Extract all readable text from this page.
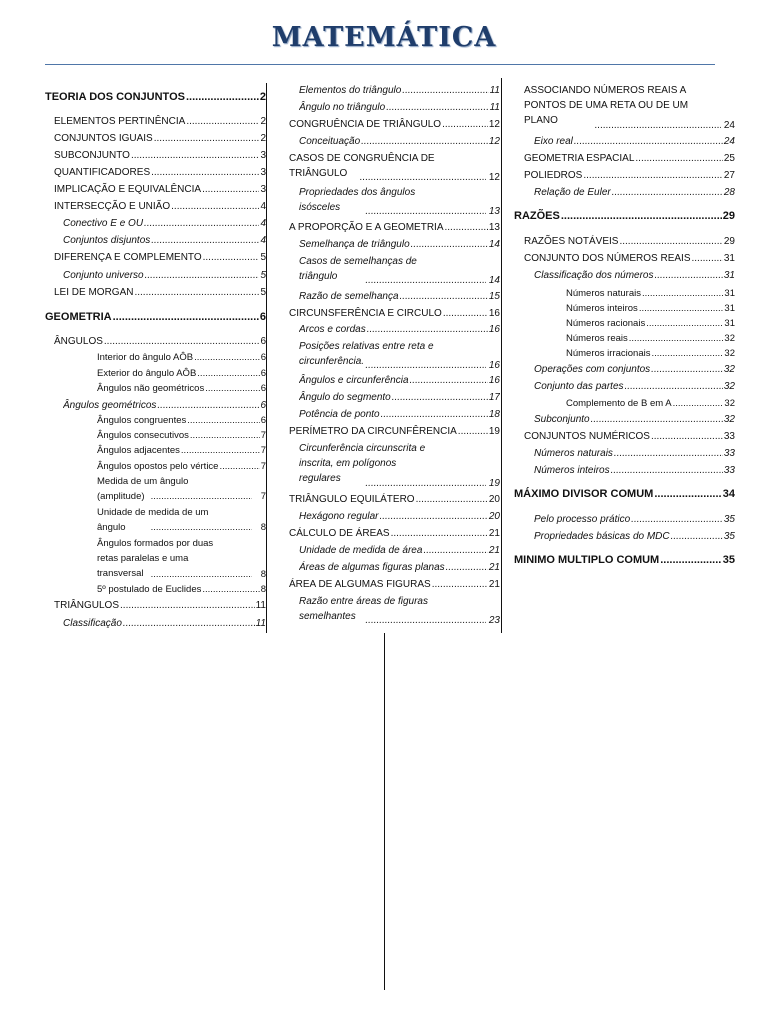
MATEMÁTICA
TEORIA DOS CONJUNTOS .....	2
ELEMENTOS PERTINÊNCIA .....	2
CONJUNTOS IGUAIS .....	2
SUBCONJUNTO .....	3
QUANTIFICADORES .....	3
IMPLICAÇÃO E EQUIVALÊNCIA .....	3
INTERSECÇÃO E UNIÃO .....	4
Conectivo E e OU .....	4
Conjuntos disjuntos .....	4
DIFERENÇA E COMPLEMENTO .....	5
Conjunto universo .....	5
LEI DE MORGAN .....	5
GEOMETRIA .....	6
ÂNGULOS .....	6
Interior do ângulo AÔB .....	6
Exterior do ângulo AÔB .....	6
Ângulos não geométricos .....	6
Ângulos geométricos .....	6
Ângulos congruentes .....	6
Ângulos consecutivos .....	7
Ângulos adjacentes .....	7
Ângulos opostos pelo vértice .....	7
Medida de um ângulo (amplitude) .....	7
Unidade de medida de um ângulo .....	8
Ângulos formados por duas retas paralelas e uma transversal .....	8
5º postulado de Euclides .....	8
TRIÂNGULOS .....	11
Classificação .....	11
Elementos do triângulo .....	11
Ângulo no triângulo .....	11
CONGRUÊNCIA DE TRIÂNGULO .....	12
Conceituação .....	12
CASOS DE CONGRUÊNCIA DE TRIÂNGULO .....	12
Propriedades dos ângulos isósceles .....	13
A PROPORÇÃO E A GEOMETRIA .....	13
Semelhança de triângulo .....	14
Casos de semelhanças de triângulo .....	14
Razão de semelhança .....	15
CIRCUNSFERÊNCIA E CIRCULO .....	16
Arcos e cordas .....	16
Posições relativas entre reta e circunferência. .....	16
Ângulos e circunferência .....	16
Ângulo do segmento .....	17
Potência de ponto .....	18
PERÍMETRO DA CIRCUNFÊRENCIA .....	19
Circunferência circunscrita e inscrita, em polígonos regulares .....	19
TRIÂNGULO EQUILÁTERO .....	20
Hexágono regular .....	20
CÁLCULO DE ÁREAS .....	21
Unidade de medida de área .....	21
Áreas de algumas figuras planas .....	21
ÁREA DE ALGUMAS FIGURAS .....	21
Razão entre áreas de figuras semelhantes .....	23
ASSOCIANDO NÚMEROS REAIS A PONTOS DE UMA RETA OU DE UM PLANO .....	24
Eixo real .....	24
GEOMETRIA ESPACIAL .....	25
POLIEDROS .....	27
Relação de Euler .....	28
RAZÕES .....	29
RAZÕES NOTÁVEIS .....	29
CONJUNTO DOS NÚMEROS REAIS .....	31
Classificação dos números .....	31
Números naturais .....	31
Números inteiros .....	31
Números racionais .....	31
Números reais .....	32
Números irracionais .....	32
Operações com conjuntos .....	32
Conjunto das partes .....	32
Complemento de B em A .....	32
Subconjunto .....	32
CONJUNTOS NUMÉRICOS .....	33
Números naturais .....	33
Números inteiros .....	33
MÁXIMO DIVISOR COMUM .....	34
Pelo processo prático .....	35
Propriedades básicas do MDC .....	35
MINIMO MULTIPLO COMUM .....	35
